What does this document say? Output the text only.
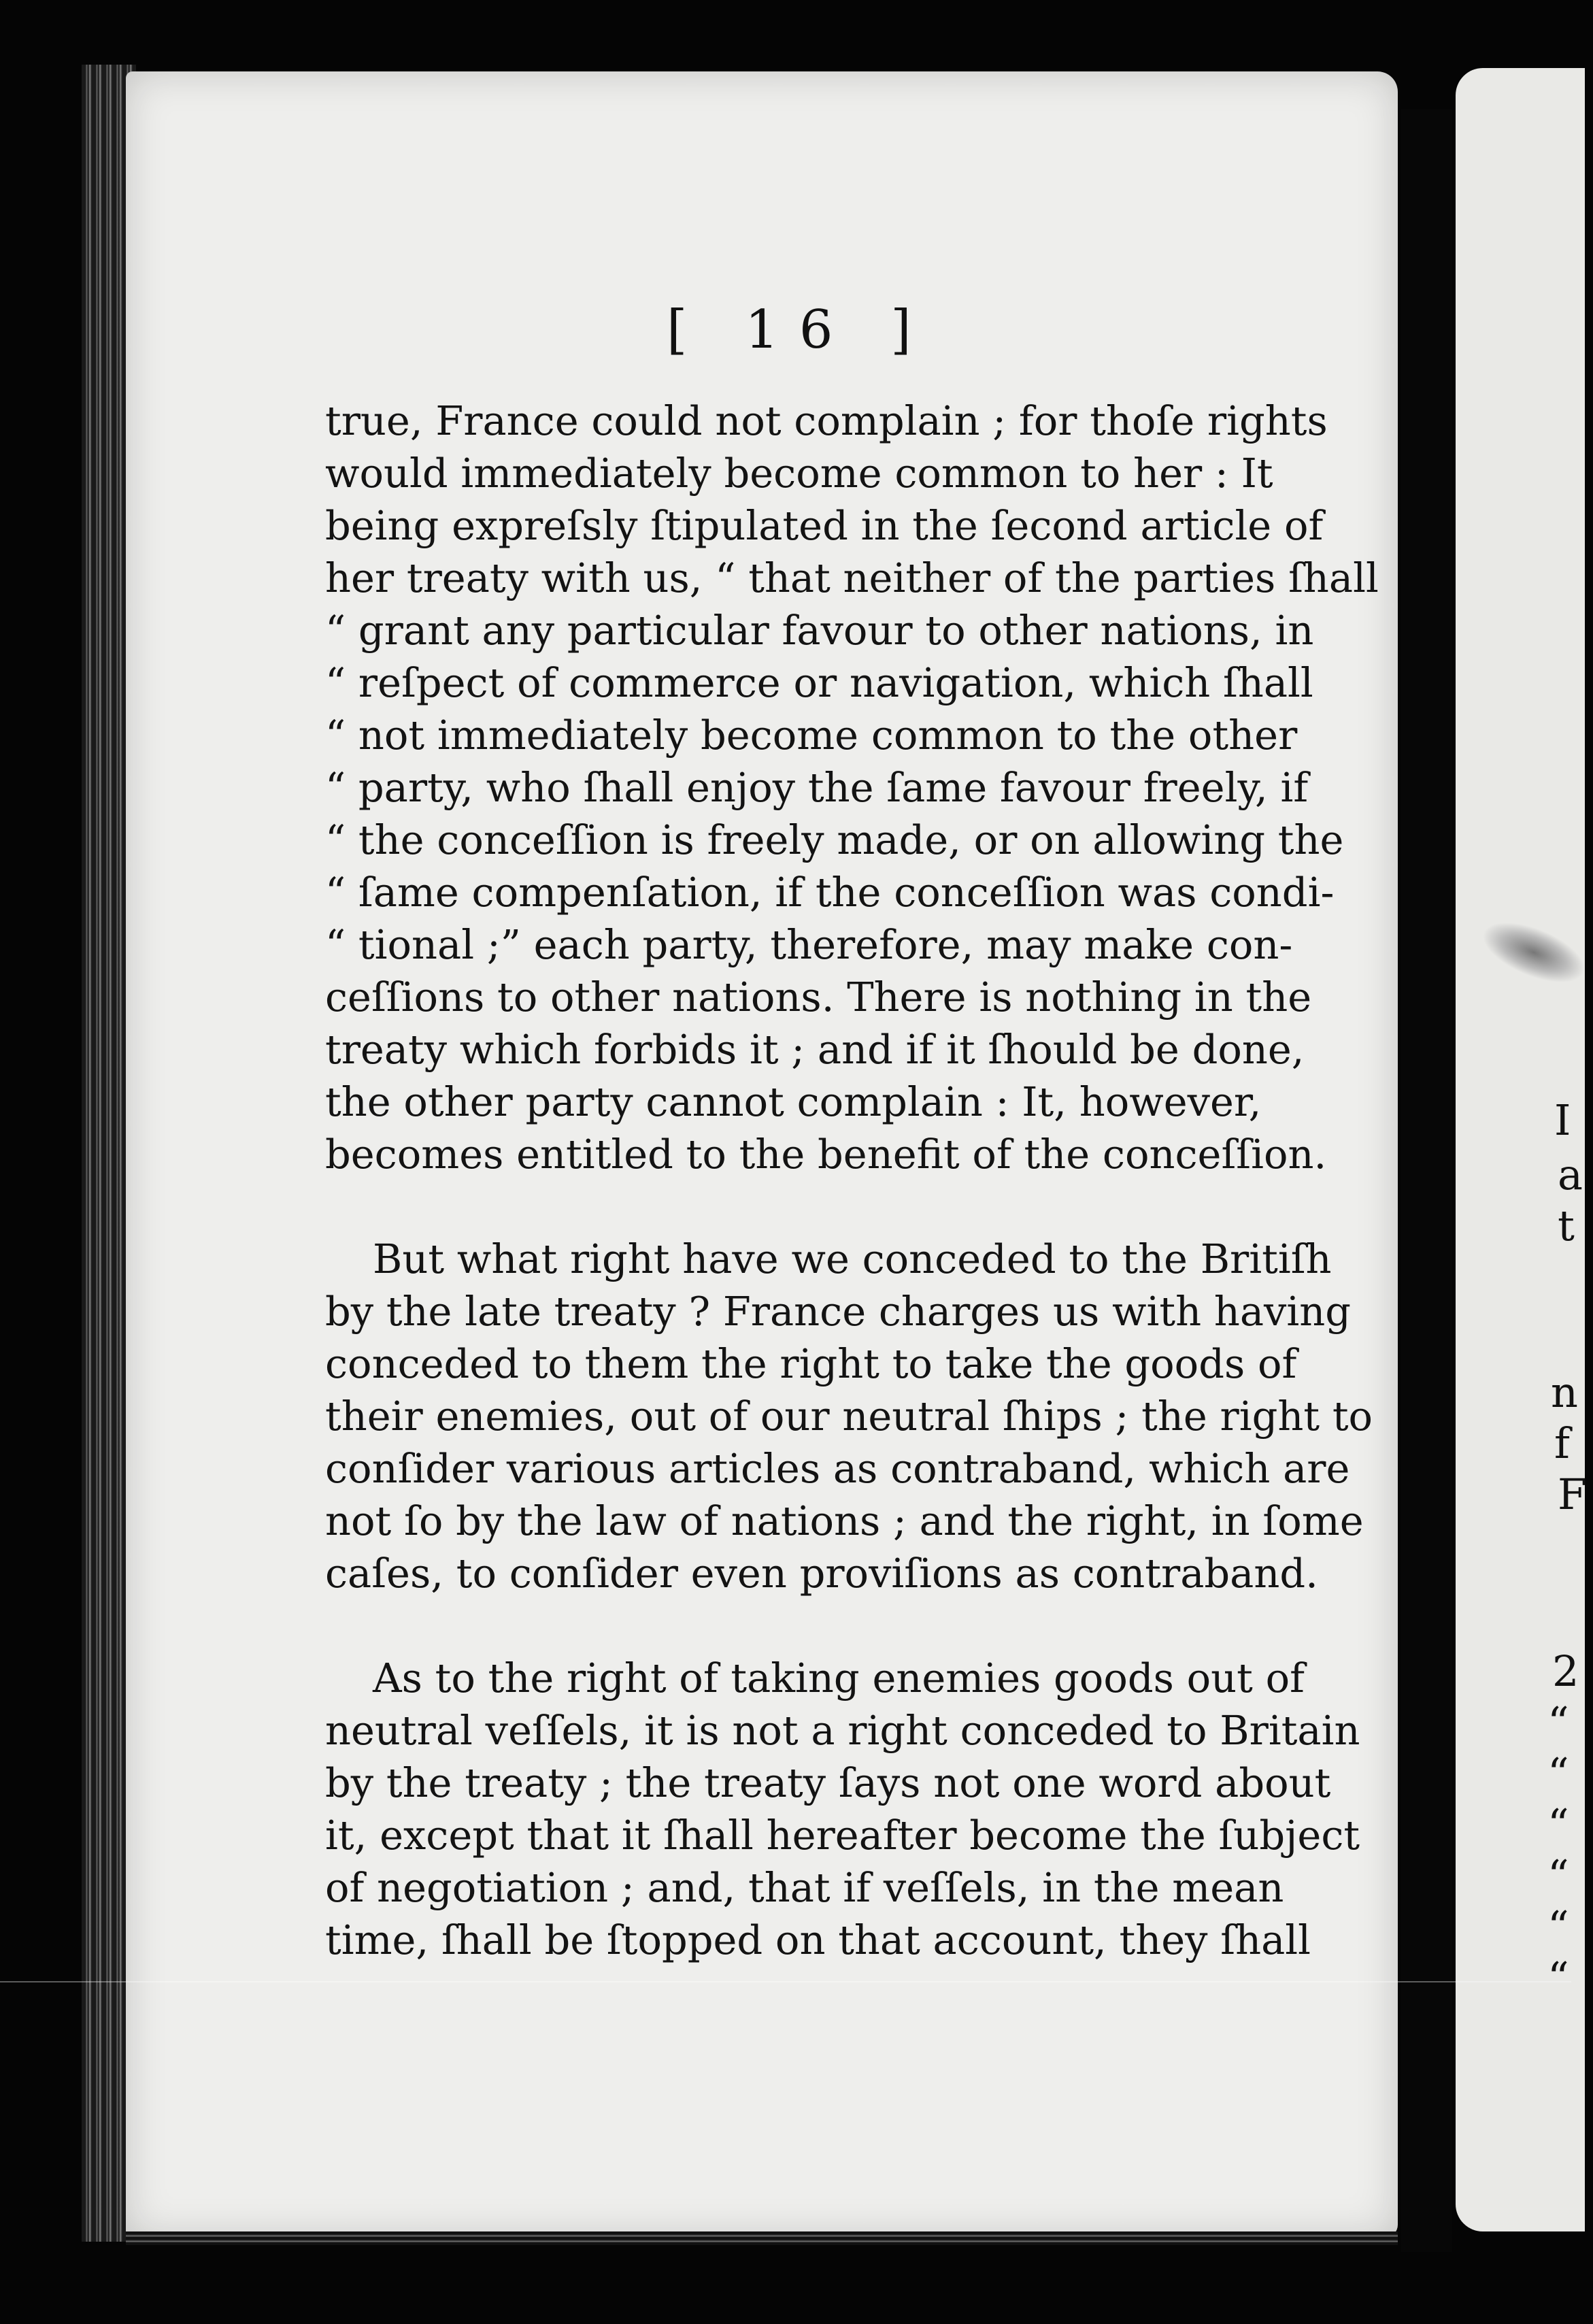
[ 16 ]
true, France could not complain ; for thoſe rights
would immediately become common to her : It
being expreſsly ſtipulated in the ſecond article of
her treaty with us, “ that neither of the parties ſhall
“ grant any particular favour to other nations, in
“ reſpect of commerce or navigation, which ſhall
“ not immediately become common to the other
“ party, who ſhall enjoy the ſame favour freely, if
“ the conceſſion is freely made, or on allowing the
“ ſame compenſation, if the conceſſion was condi-
“ tional ;” each party, therefore, may make con-
ceſſions to other nations. There is nothing in the
treaty which forbids it ; and if it ſhould be done,
the other party cannot complain : It, however,
becomes entitled to the benefit of the conceſſion.
But what right have we conceded to the Britiſh
by the late treaty ? France charges us with having
conceded to them the right to take the goods of
their enemies, out of our neutral ſhips ; the right to
conſider various articles as contraband, which are
not ſo by the law of nations ; and the right, in ſome
caſes, to conſider even proviſions as contraband.
As to the right of taking enemies goods out of
neutral veſſels, it is not a right conceded to Britain
by the treaty ; the treaty ſays not one word about
it, except that it ſhall hereafter become the ſubject
of negotiation ; and, that if veſſels, in the mean
time, ſhall be ſtopped on that account, they ſhall
I
a
t
n
f
F
2
“
“
“
“
“
“
